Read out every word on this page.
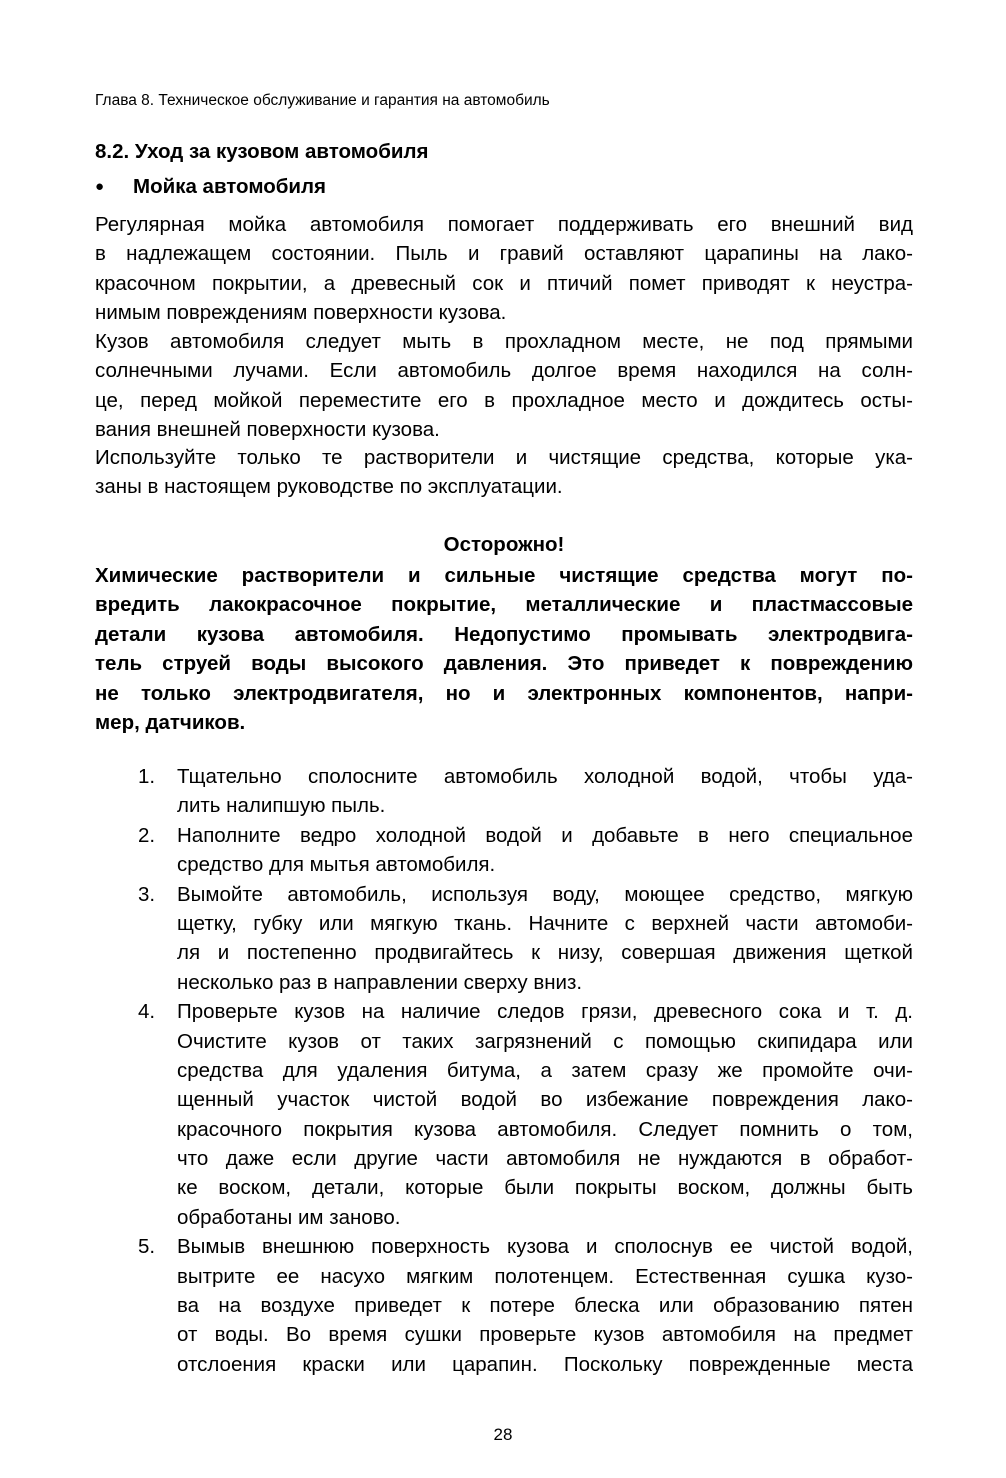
Глава 8. Техническое обслуживание и гарантия на автомобиль
8.2. Уход за кузовом автомобиля
● Мойка автомобиля
Регулярная мойка автомобиля помогает поддерживать его внешний вид
в надлежащем состоянии. Пыль и гравий оставляют царапины на лако-
красочном покрытии, а древесный сок и птичий помет приводят к неустра-
нимым повреждениям поверхности кузова.
Кузов автомобиля следует мыть в прохладном месте, не под прямыми
солнечными лучами. Если автомобиль долгое время находился на солн-
це, перед мойкой переместите его в прохладное место и дождитесь осты-
вания внешней поверхности кузова.
Используйте только те растворители и чистящие средства, которые ука-
заны в настоящем руководстве по эксплуатации.
Осторожно!
Химические растворители и сильные чистящие средства могут по-
вредить лакокрасочное покрытие, металлические и пластмассовые
детали кузова автомобиля. Недопустимо промывать электродвига-
тель струей воды высокого давления. Это приведет к повреждению
не только электродвигателя, но и электронных компонентов, напри-
мер, датчиков.
1. Тщательно сполосните автомобиль холодной водой, чтобы уда-
лить налипшую пыль.
2. Наполните ведро холодной водой и добавьте в него специальное
средство для мытья автомобиля.
3. Вымойте автомобиль, используя воду, моющее средство, мягкую
щетку, губку или мягкую ткань. Начните с верхней части автомоби-
ля и постепенно продвигайтесь к низу, совершая движения щеткой
несколько раз в направлении сверху вниз.
4. Проверьте кузов на наличие следов грязи, древесного сока и т. д.
Очистите кузов от таких загрязнений с помощью скипидара или
средства для удаления битума, а затем сразу же промойте очи-
щенный участок чистой водой во избежание повреждения лако-
красочного покрытия кузова автомобиля. Следует помнить о том,
что даже если другие части автомобиля не нуждаются в обработ-
ке воском, детали, которые были покрыты воском, должны быть
обработаны им заново.
5. Вымыв внешнюю поверхность кузова и сполоснув ее чистой водой,
вытрите ее насухо мягким полотенцем. Естественная сушка кузо-
ва на воздухе приведет к потере блеска или образованию пятен
от воды. Во время сушки проверьте кузов автомобиля на предмет
отслоения краски или царапин. Поскольку поврежденные места
28
